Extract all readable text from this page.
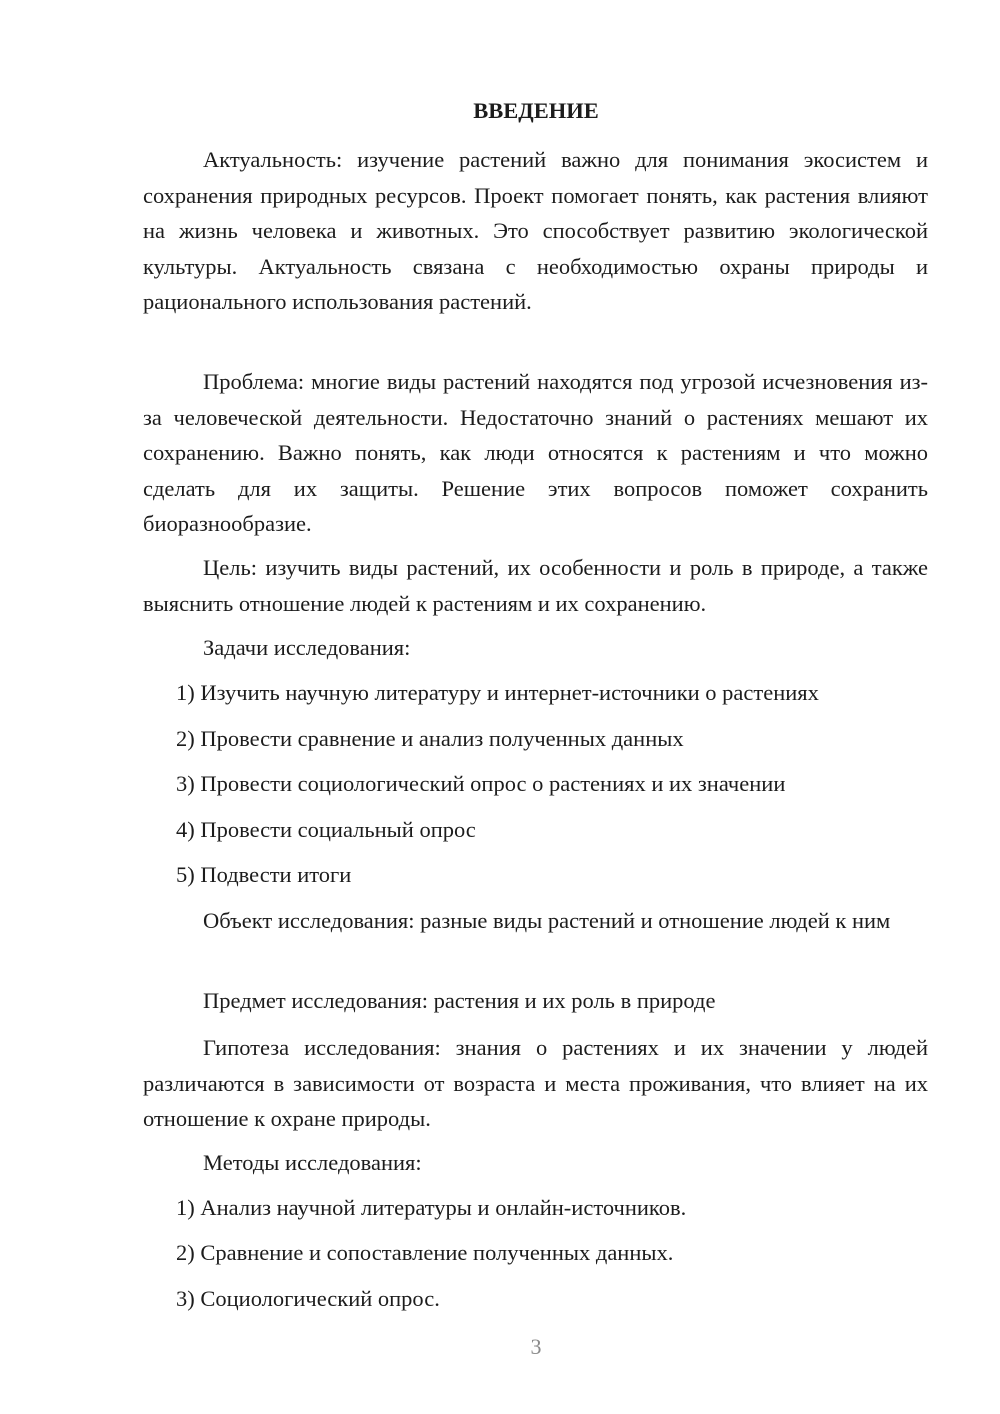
ВВЕДЕНИЕ

Актуальность: изучение растений важно для понимания экосистем и сохранения природных ресурсов. Проект помогает понять, как растения влияют на жизнь человека и животных. Это способствует развитию экологической культуры. Актуальность связана с необходимостью охраны природы и рационального использования растений.

Проблема: многие виды растений находятся под угрозой исчезновения из-за человеческой деятельности. Недостаточно знаний о растениях мешают их сохранению. Важно понять, как люди относятся к растениям и что можно сделать для их защиты. Решение этих вопросов поможет сохранить биоразнообразие.

Цель: изучить виды растений, их особенности и роль в природе, а также выяснить отношение людей к растениям и их сохранению.

Задачи исследования:
1) Изучить научную литературу и интернет-источники о растениях
2) Провести сравнение и анализ полученных данных
3) Провести социологический опрос о растениях и их значении
4) Провести социальный опрос
5) Подвести итоги

Объект исследования: разные виды растений и отношение людей к ним

Предмет исследования: растения и их роль в природе

Гипотеза исследования: знания о растениях и их значении у людей различаются в зависимости от возраста и места проживания, что влияет на их отношение к охране природы.

Методы исследования:
1) Анализ научной литературы и онлайн-источников.
2) Сравнение и сопоставление полученных данных.
3) Социологический опрос.
3
